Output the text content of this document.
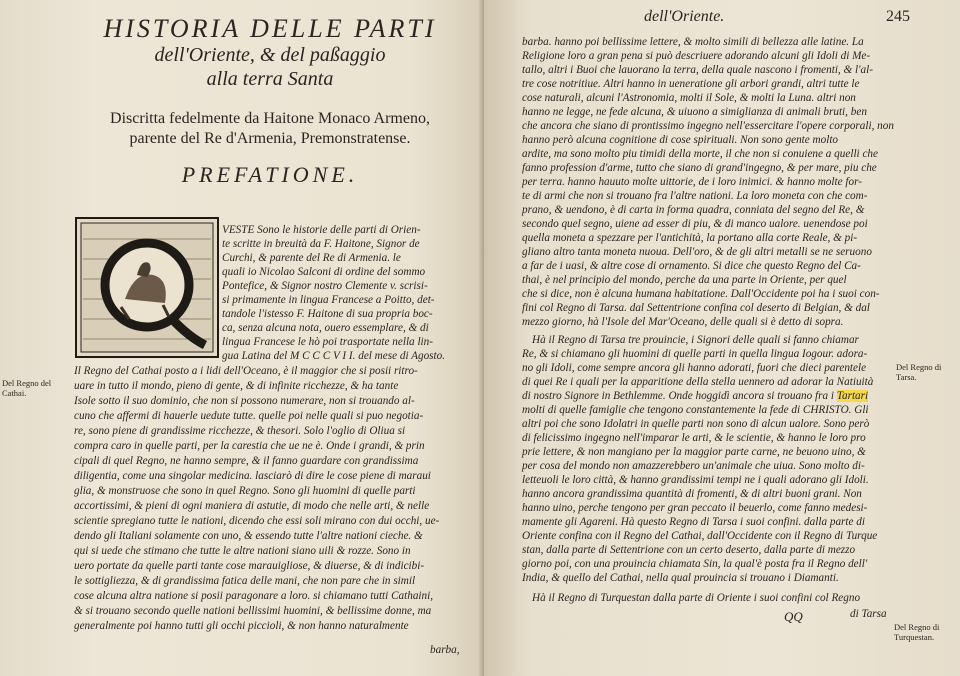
HISTORIA DELLE PARTI
dell'Oriente, & del paßaggio
alla terra Santa
Discritta fedelmente da Haitone Monaco Armeno,
parente del Re d'Armenia, Premonstratense.
PREFATIONE.
VESTE Sono le historie delle parti di Orien-
te scritte in breuità da F. Haitone, Signor de
Curchi, & parente del Re di Armenia. le
quali io Nicolao Salconi di ordine del sommo
Pontefice, & Signor nostro Clemente v. scrisi-
si primamente in lingua Francese a Poitto, det-
tandole l'istesso F. Haitone di sua propria boc-
ca, senza alcuna nota, ouero essemplare, & di
lingua Francese le hò poi trasportate nella lin-
gua Latina del M C C C V I I. del mese di Agosto.
Del Regno del Cathai.
Il Regno del Cathai posto a i lidi dell'Oceano, è il maggior che si posii ritro-
uare in tutto il mondo, pieno di gente, & di infinite ricchezze, & ha tante
Isole sotto il suo dominio, che non si possono numerare, non si trouando al-
cuno che affermi di hauerle uedute tutte. quelle poi nelle quali si puo negotia-
re, sono piene di grandissime ricchezze, & thesori. Solo l'oglio di Oliua si
compra caro in quelle parti, per la carestia che ue ne è. Onde i grandi, & prin
cipali di quel Regno, ne hanno sempre, & il fanno guardare con grandissima
diligentia, come una singolar medicina. lasciarò di dire le cose piene di maraui
glia, & monstruose che sono in quel Regno. Sono gli huomini di quelle parti
accortissimi, & pieni di ogni maniera di astutie, di modo che nelle arti, & nelle
scientie spregiano tutte le nationi, dicendo che essi soli mirano con dui occhi, ue-
dendo gli Italiani solamente con uno, & essendo tutte l'altre nationi cieche. &
qui si uede che stimano che tutte le altre nationi siano uili & rozze. Sono in
uero portate da quelle parti tante cose marauigliose, & diuerse, & di indicibi-
le sottigliezza, & di grandissima fatica delle mani, che non pare che in simil
cose alcuna altra natione si posii paragonare a loro. si chiamano tutti Cathaini,
& si trouano secondo quelle nationi bellissimi huomini, & bellissime donne, ma
generalmente poi hanno tutti gli occhi piccioli, & non hanno naturalmente
barba,
dell'Oriente.	245
barba. hanno poi bellissime lettere, & molto simili di bellezza alle latine. La
Religione loro a gran pena si può descriuere adorando alcuni gli Idoli di Me-
tallo, altri i Buoi che lauorano la terra, della quale nascono i fromenti, & l'al-
tre cose notritiue. Altri hanno in ueneratione gli arbori grandi, altri tutte le
cose naturali, alcuni l'Astronomia, molti il Sole, & molti la Luna. altri non
hanno ne legge, ne fede alcuna, & uiuono a simiglianza di animali bruti, ben
che ancora che siano di prontissimo ingegno nell'essercitare l'opere corporali, non
hanno però alcuna cognitione di cose spirituali. Non sono gente molto
ardite, ma sono molto piu timidi della morte, il che non si conuiene a quelli che
fanno profession d'arme, tutto che siano di grand'ingegno, & per mare, piu che
per terra. hanno hauuto molte uittorie, de i loro inimici. & hanno molte for-
te di armi che non si trouano fra l'altre nationi. La loro moneta con che com-
prano, & uendono, è di carta in forma quadra, conniata del segno del Re, &
secondo quel segno, uiene ad esser di piu, & di manco ualore. uenendose poi
quella moneta a spezzare per l'antichità, la portano alla corte Reale, & pi-
gliano altro tanta moneta nuoua. Dell'oro, & de gli altri metalli se ne seruono
a far de i uasi, & altre cose di ornamento. Si dice che questo Regno del Ca-
thai, è nel principio del mondo, perche da una parte in Oriente, per quel
che si dice, non è alcuna humana habitatione. Dall'Occidente poi ha i suoi con-
fini col Regno di Tarsa. dal Settentrione confina col deserto di Belgian, & dal
mezzo giorno, hà l'Isole del Mar'Oceano, delle quali si è detto di sopra.
Hà il Regno di Tarsa tre prouincie, i Signori delle quali si fanno chiamar
Re, & si chiamano gli huomini di quelle parti in quella lingua Iogour. adora-
no gli Idoli, come sempre ancora gli hanno adorati, fuori che dieci parentele
di quei Re i quali per la apparitione della stella uennero ad adorar la Natiuità
di nostro Signore in Bethlemme. Onde hoggidì ancora si trouano fra i Tartari
molti di quelle famiglie che tengono constantemente la fede di CHRISTO. Gli
altri poi che sono Idolatri in quelle parti non sono di alcun ualore. Sono però
di felicissimo ingegno nell'imparar le arti, & le scientie, & hanno le loro pro
prie lettere, & non mangiano per la maggior parte carne, ne beuono uino, &
per cosa del mondo non amazzerebbero un'animale che uiua. Sono molto di-
letteuoli le loro città, & hanno grandissimi tempi ne i quali adorano gli Idoli.
hanno ancora grandissima quantità di fromenti, & di altri buoni grani. Non
hanno uino, perche tengono per gran peccato il beuerlo, come fanno medesi-
mamente gli Agareni. Hà questo Regno di Tarsa i suoi confini. dalla parte di
Oriente confina con il Regno del Cathai, dall'Occidente con il Regno di Turque
stan, dalla parte di Settentrione con un certo deserto, dalla parte di mezzo
giorno poi, con una prouincia chiamata Sin, la qual'è posta fra il Regno dell'
India, & quello del Cathai, nella qual prouincia si trouano i Diamanti.
Hà il Regno di Turquestan dalla parte di Oriente i suoi confini col Regno
di Tarsa
QQ
Del Regno di Tarsa.
Del Regno di Turquestan.
